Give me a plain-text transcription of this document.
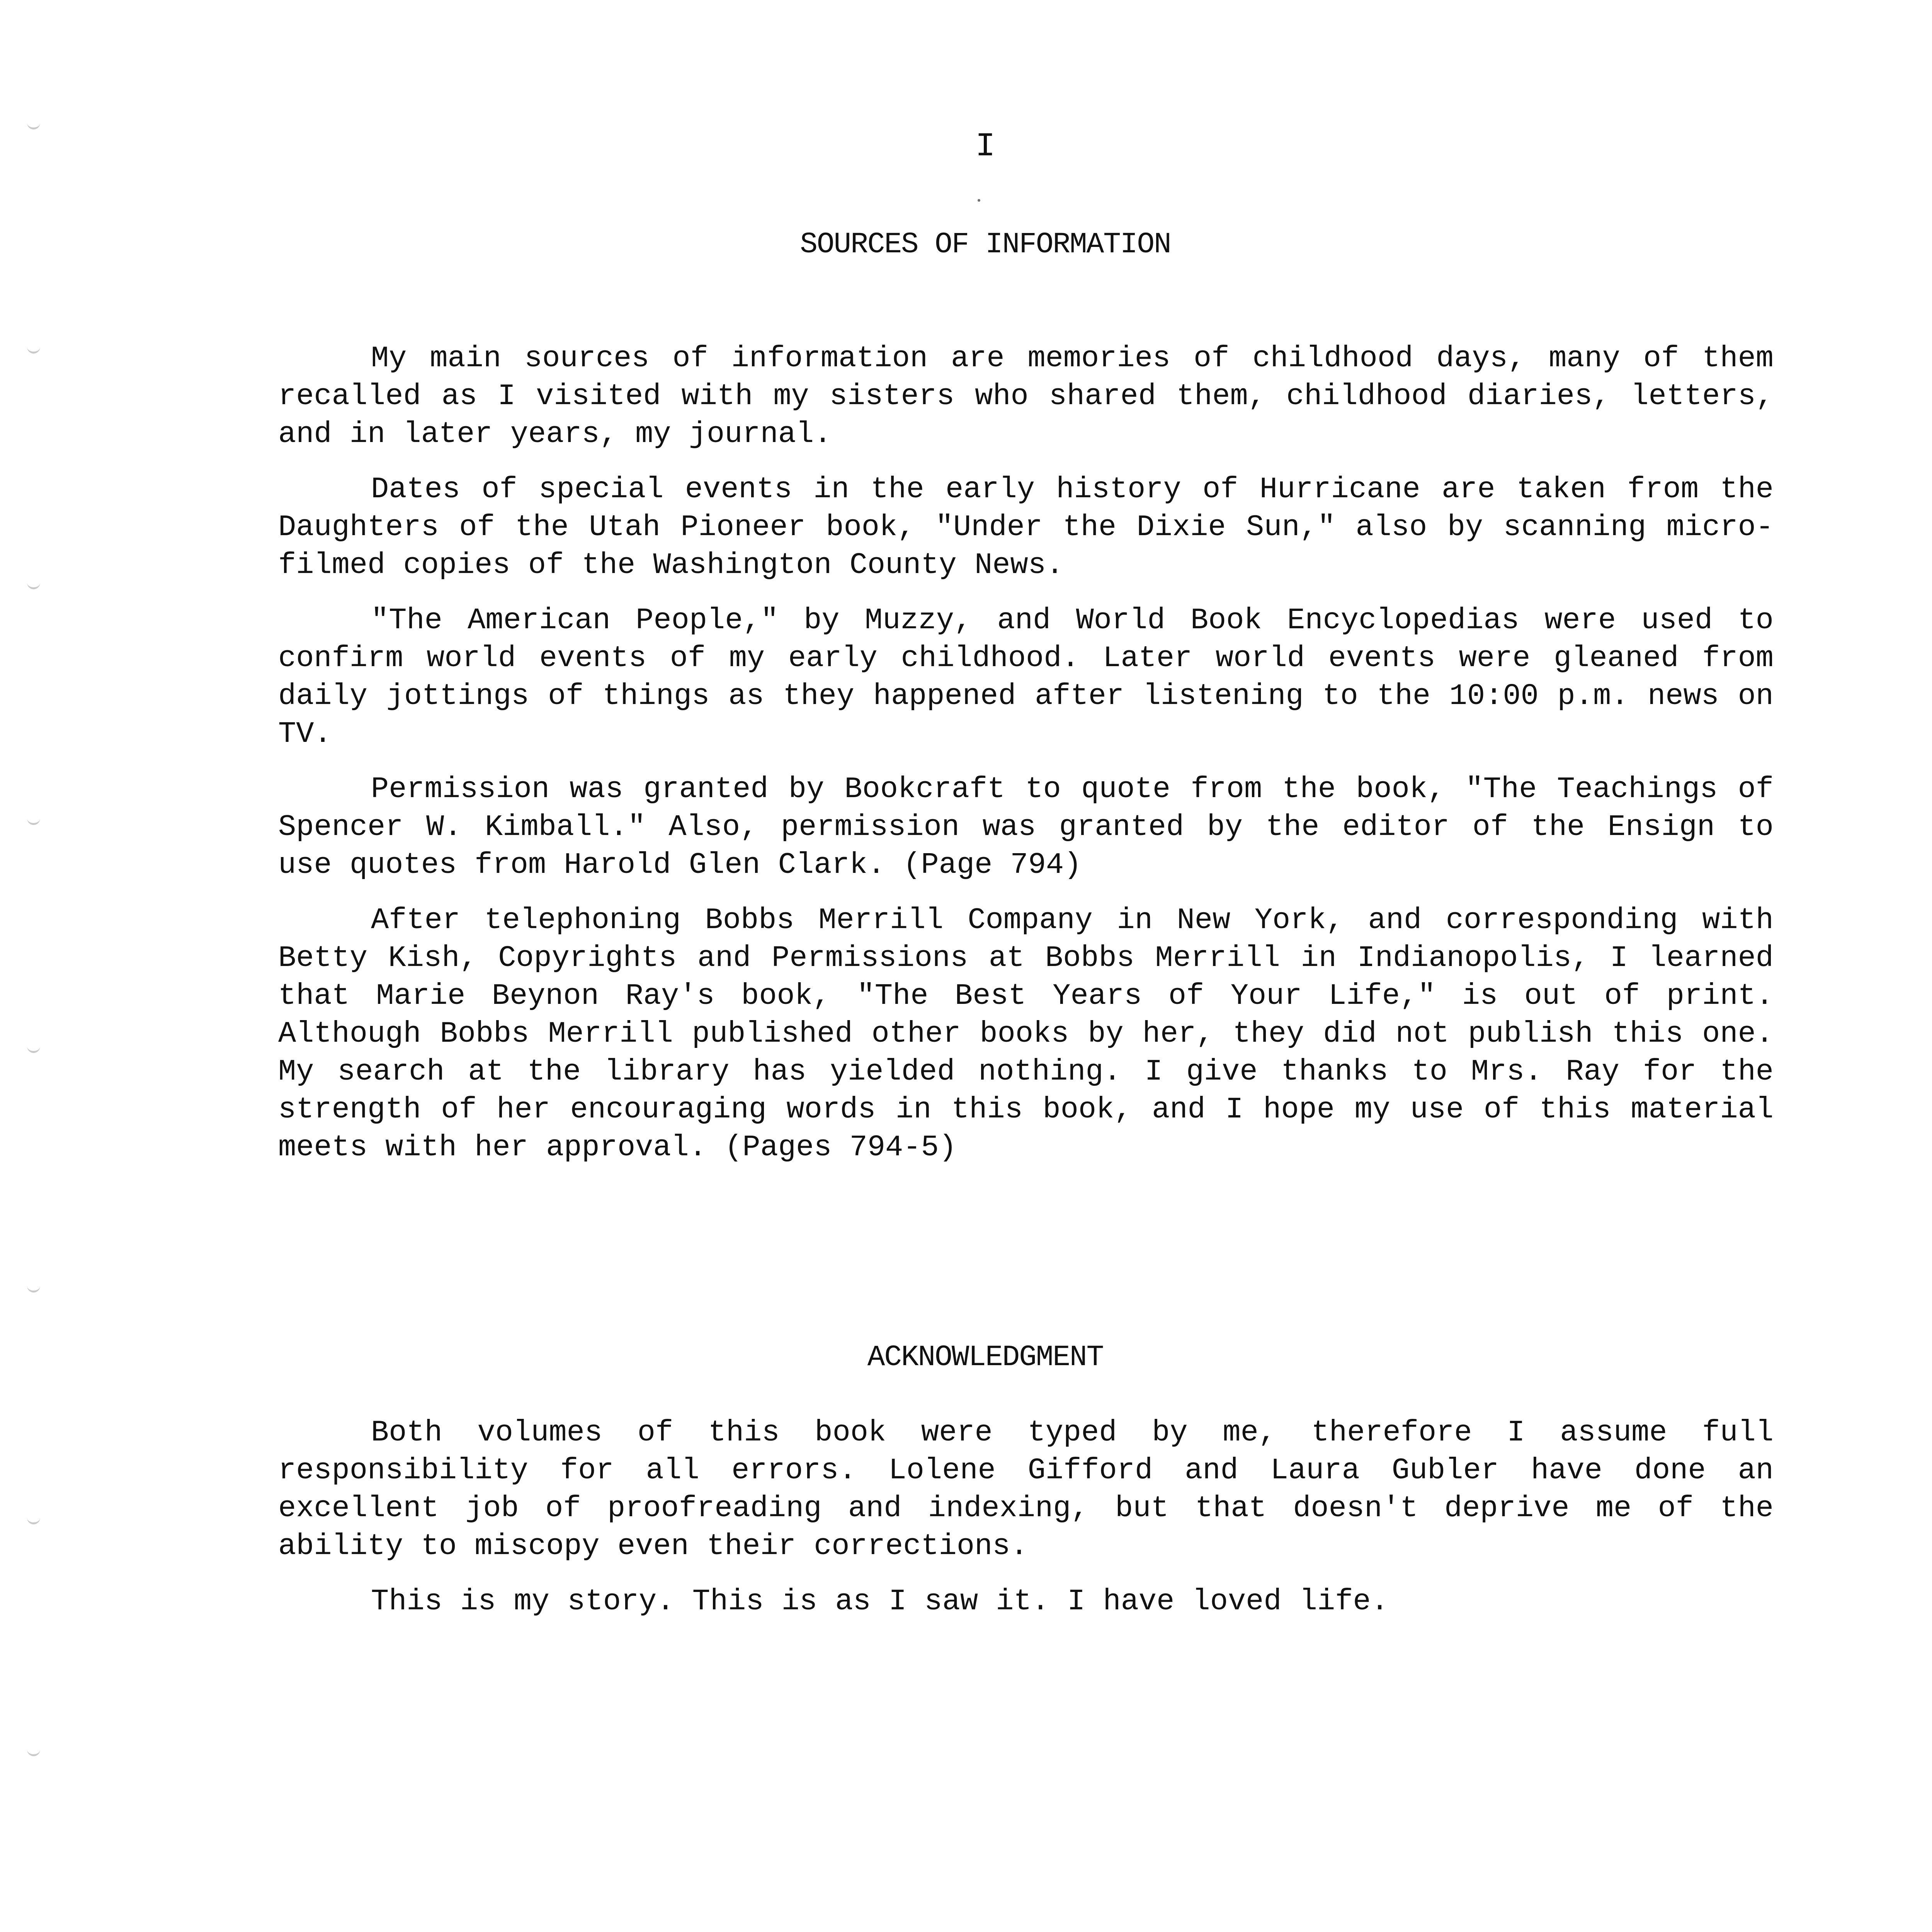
I
SOURCES OF INFORMATION

My main sources of information are memories of childhood days, many of them recalled as I visited with my sisters who shared them, childhood diaries, letters, and in later years, my journal.

Dates of special events in the early history of Hurricane are taken from the Daughters of the Utah Pioneer book, "Under the Dixie Sun," also by scanning micro-filmed copies of the Washington County News.

"The American People," by Muzzy, and World Book Encyclopedias were used to confirm world events of my early childhood. Later world events were gleaned from daily jottings of things as they happened after listening to the 10:00 p.m. news on TV.

Permission was granted by Bookcraft to quote from the book, "The Teachings of Spencer W. Kimball." Also, permission was granted by the editor of the Ensign to use quotes from Harold Glen Clark. (Page 794)

After telephoning Bobbs Merrill Company in New York, and corresponding with Betty Kish, Copyrights and Permissions at Bobbs Merrill in Indianopolis, I learned that Marie Beynon Ray's book, "The Best Years of Your Life," is out of print. Although Bobbs Merrill published other books by her, they did not publish this one. My search at the library has yielded nothing. I give thanks to Mrs. Ray for the strength of her encouraging words in this book, and I hope my use of this material meets with her approval. (Pages 794-5)

ACKNOWLEDGMENT

Both volumes of this book were typed by me, therefore I assume full responsibility for all errors. Lolene Gifford and Laura Gubler have done an excellent job of proofreading and indexing, but that doesn't deprive me of the ability to miscopy even their corrections.

This is my story. This is as I saw it. I have loved life.
